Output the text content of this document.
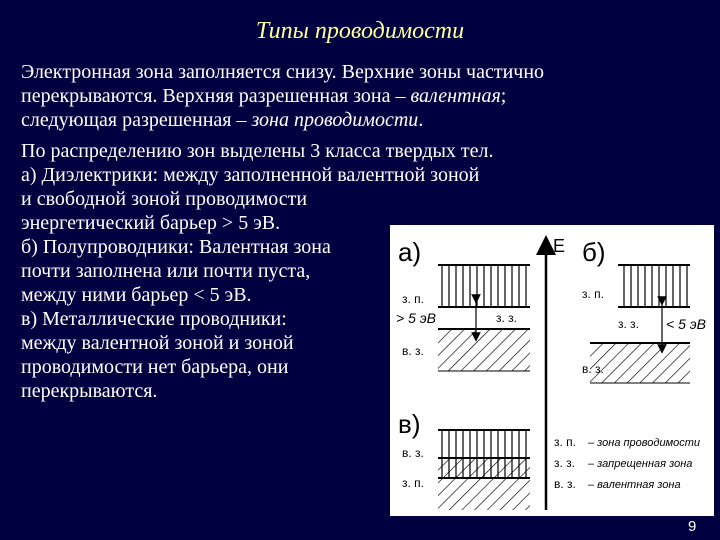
Типы проводимости

Электронная зона заполняется снизу. Верхние зоны частично
перекрываются. Верхняя разрешенная зона – валентная;
следующая разрешенная – зона проводимости.

По распределению зон выделены 3 класса твердых тел.
а) Диэлектрики: между заполненной валентной зоной
и свободной зоной проводимости
энергетический барьер > 5 эВ.
б) Полупроводники: Валентная зона
почти заполнена или почти пуста,
между ними барьер < 5 эВ.
в) Металлические проводники:
между валентной зоной и зоной
проводимости нет барьера, они
перекрываются.

а)
з. п.
з. з.
в. з.
> 5 эВ
E б)
з. п.
з. з.
в. з.
< 5 эВ
в)
в. з.
з. п.
з. п. – зона проводимости
з. з. – запрещенная зона
в. з. – валентная зона
9
